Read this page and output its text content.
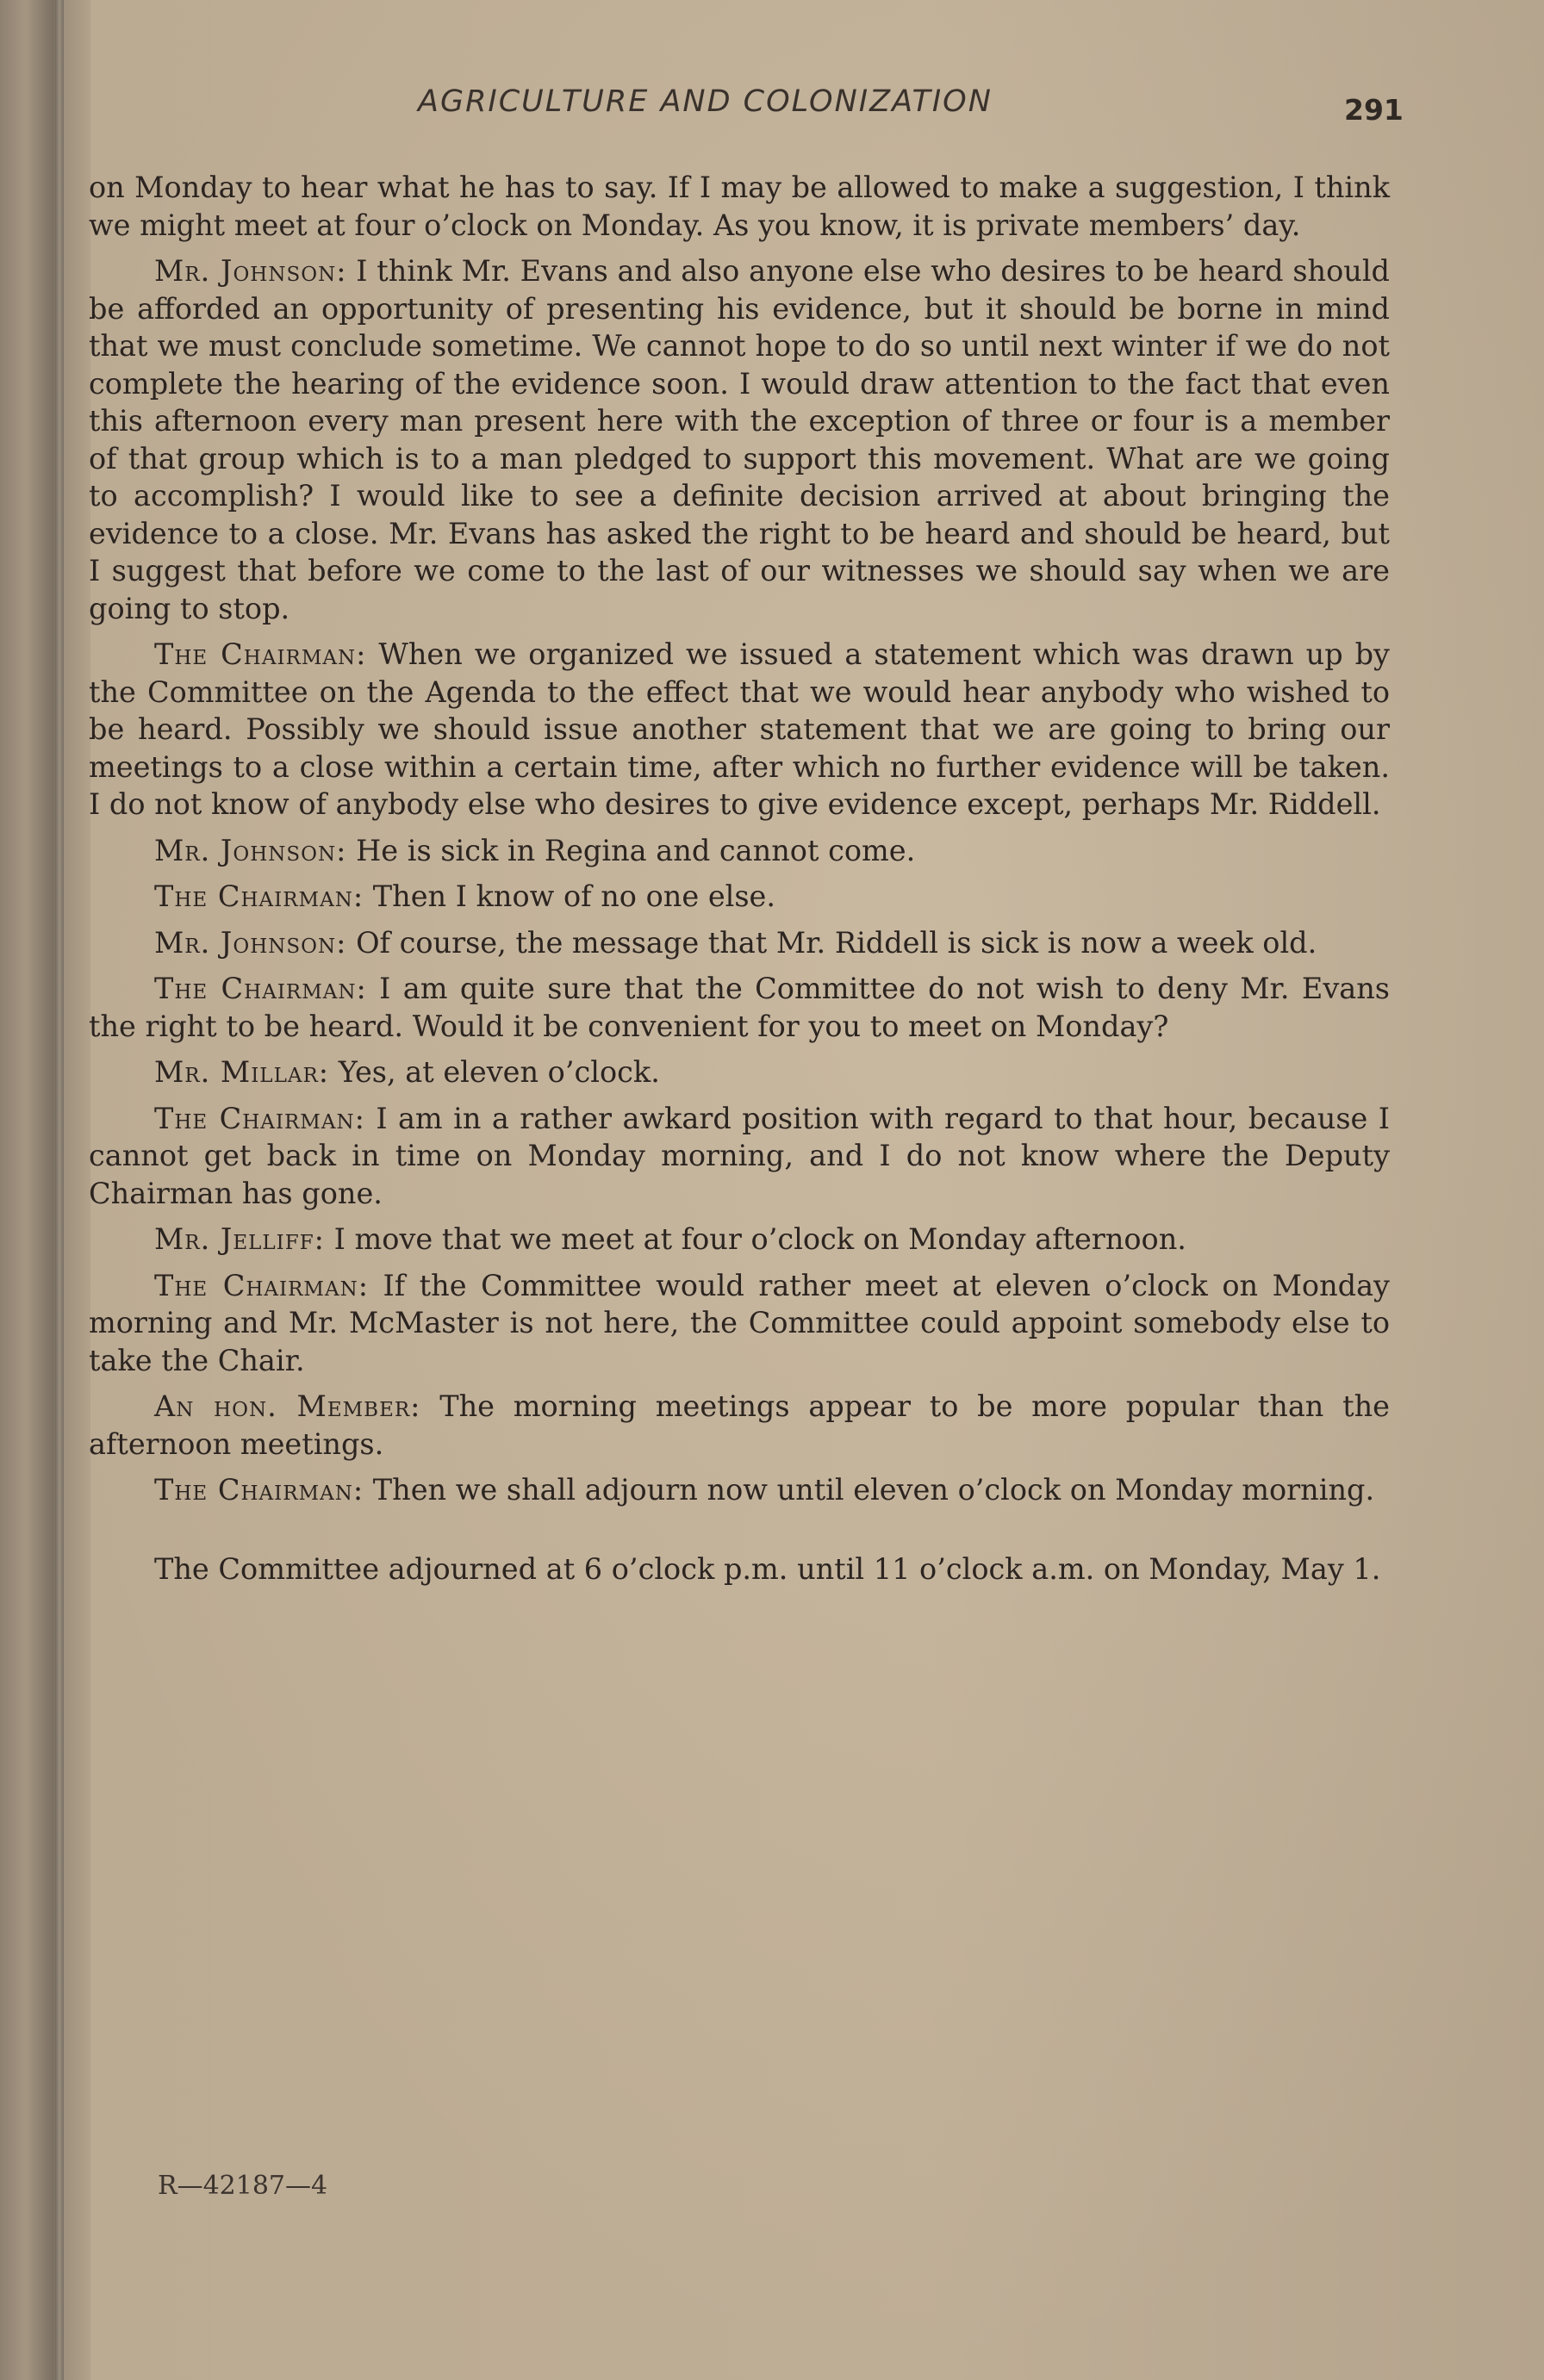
AGRICULTURE AND COLONIZATION	291

on Monday to hear what he has to say. If I may be allowed to make a suggestion, I think we might meet at four o’clock on Monday. As you know, it is private members’ day.

Mr. Johnson: I think Mr. Evans and also anyone else who desires to be heard should be afforded an opportunity of presenting his evidence, but it should be borne in mind that we must conclude sometime. We cannot hope to do so until next winter if we do not complete the hearing of the evidence soon. I would draw attention to the fact that even this afternoon every man present here with the exception of three or four is a member of that group which is to a man pledged to support this movement. What are we going to accomplish? I would like to see a definite decision arrived at about bringing the evidence to a close. Mr. Evans has asked the right to be heard and should be heard, but I suggest that before we come to the last of our witnesses we should say when we are going to stop.

The Chairman: When we organized we issued a statement which was drawn up by the Committee on the Agenda to the effect that we would hear anybody who wished to be heard. Possibly we should issue another statement that we are going to bring our meetings to a close within a certain time, after which no further evidence will be taken. I do not know of anybody else who desires to give evidence except, perhaps Mr. Riddell.

Mr. Johnson: He is sick in Regina and cannot come.

The Chairman: Then I know of no one else.

Mr. Johnson: Of course, the message that Mr. Riddell is sick is now a week old.

The Chairman: I am quite sure that the Committee do not wish to deny Mr. Evans the right to be heard. Would it be convenient for you to meet on Monday?

Mr. Millar: Yes, at eleven o’clock.

The Chairman: I am in a rather awkard position with regard to that hour, because I cannot get back in time on Monday morning, and I do not know where the Deputy Chairman has gone.

Mr. Jelliff: I move that we meet at four o’clock on Monday afternoon.

The Chairman: If the Committee would rather meet at eleven o’clock on Monday morning and Mr. McMaster is not here, the Committee could appoint somebody else to take the Chair.

An hon. Member: The morning meetings appear to be more popular than the afternoon meetings.

The Chairman: Then we shall adjourn now until eleven o’clock on Monday morning.

The Committee adjourned at 6 o’clock p.m. until 11 o’clock a.m. on Monday, May 1.

R—42187—4
